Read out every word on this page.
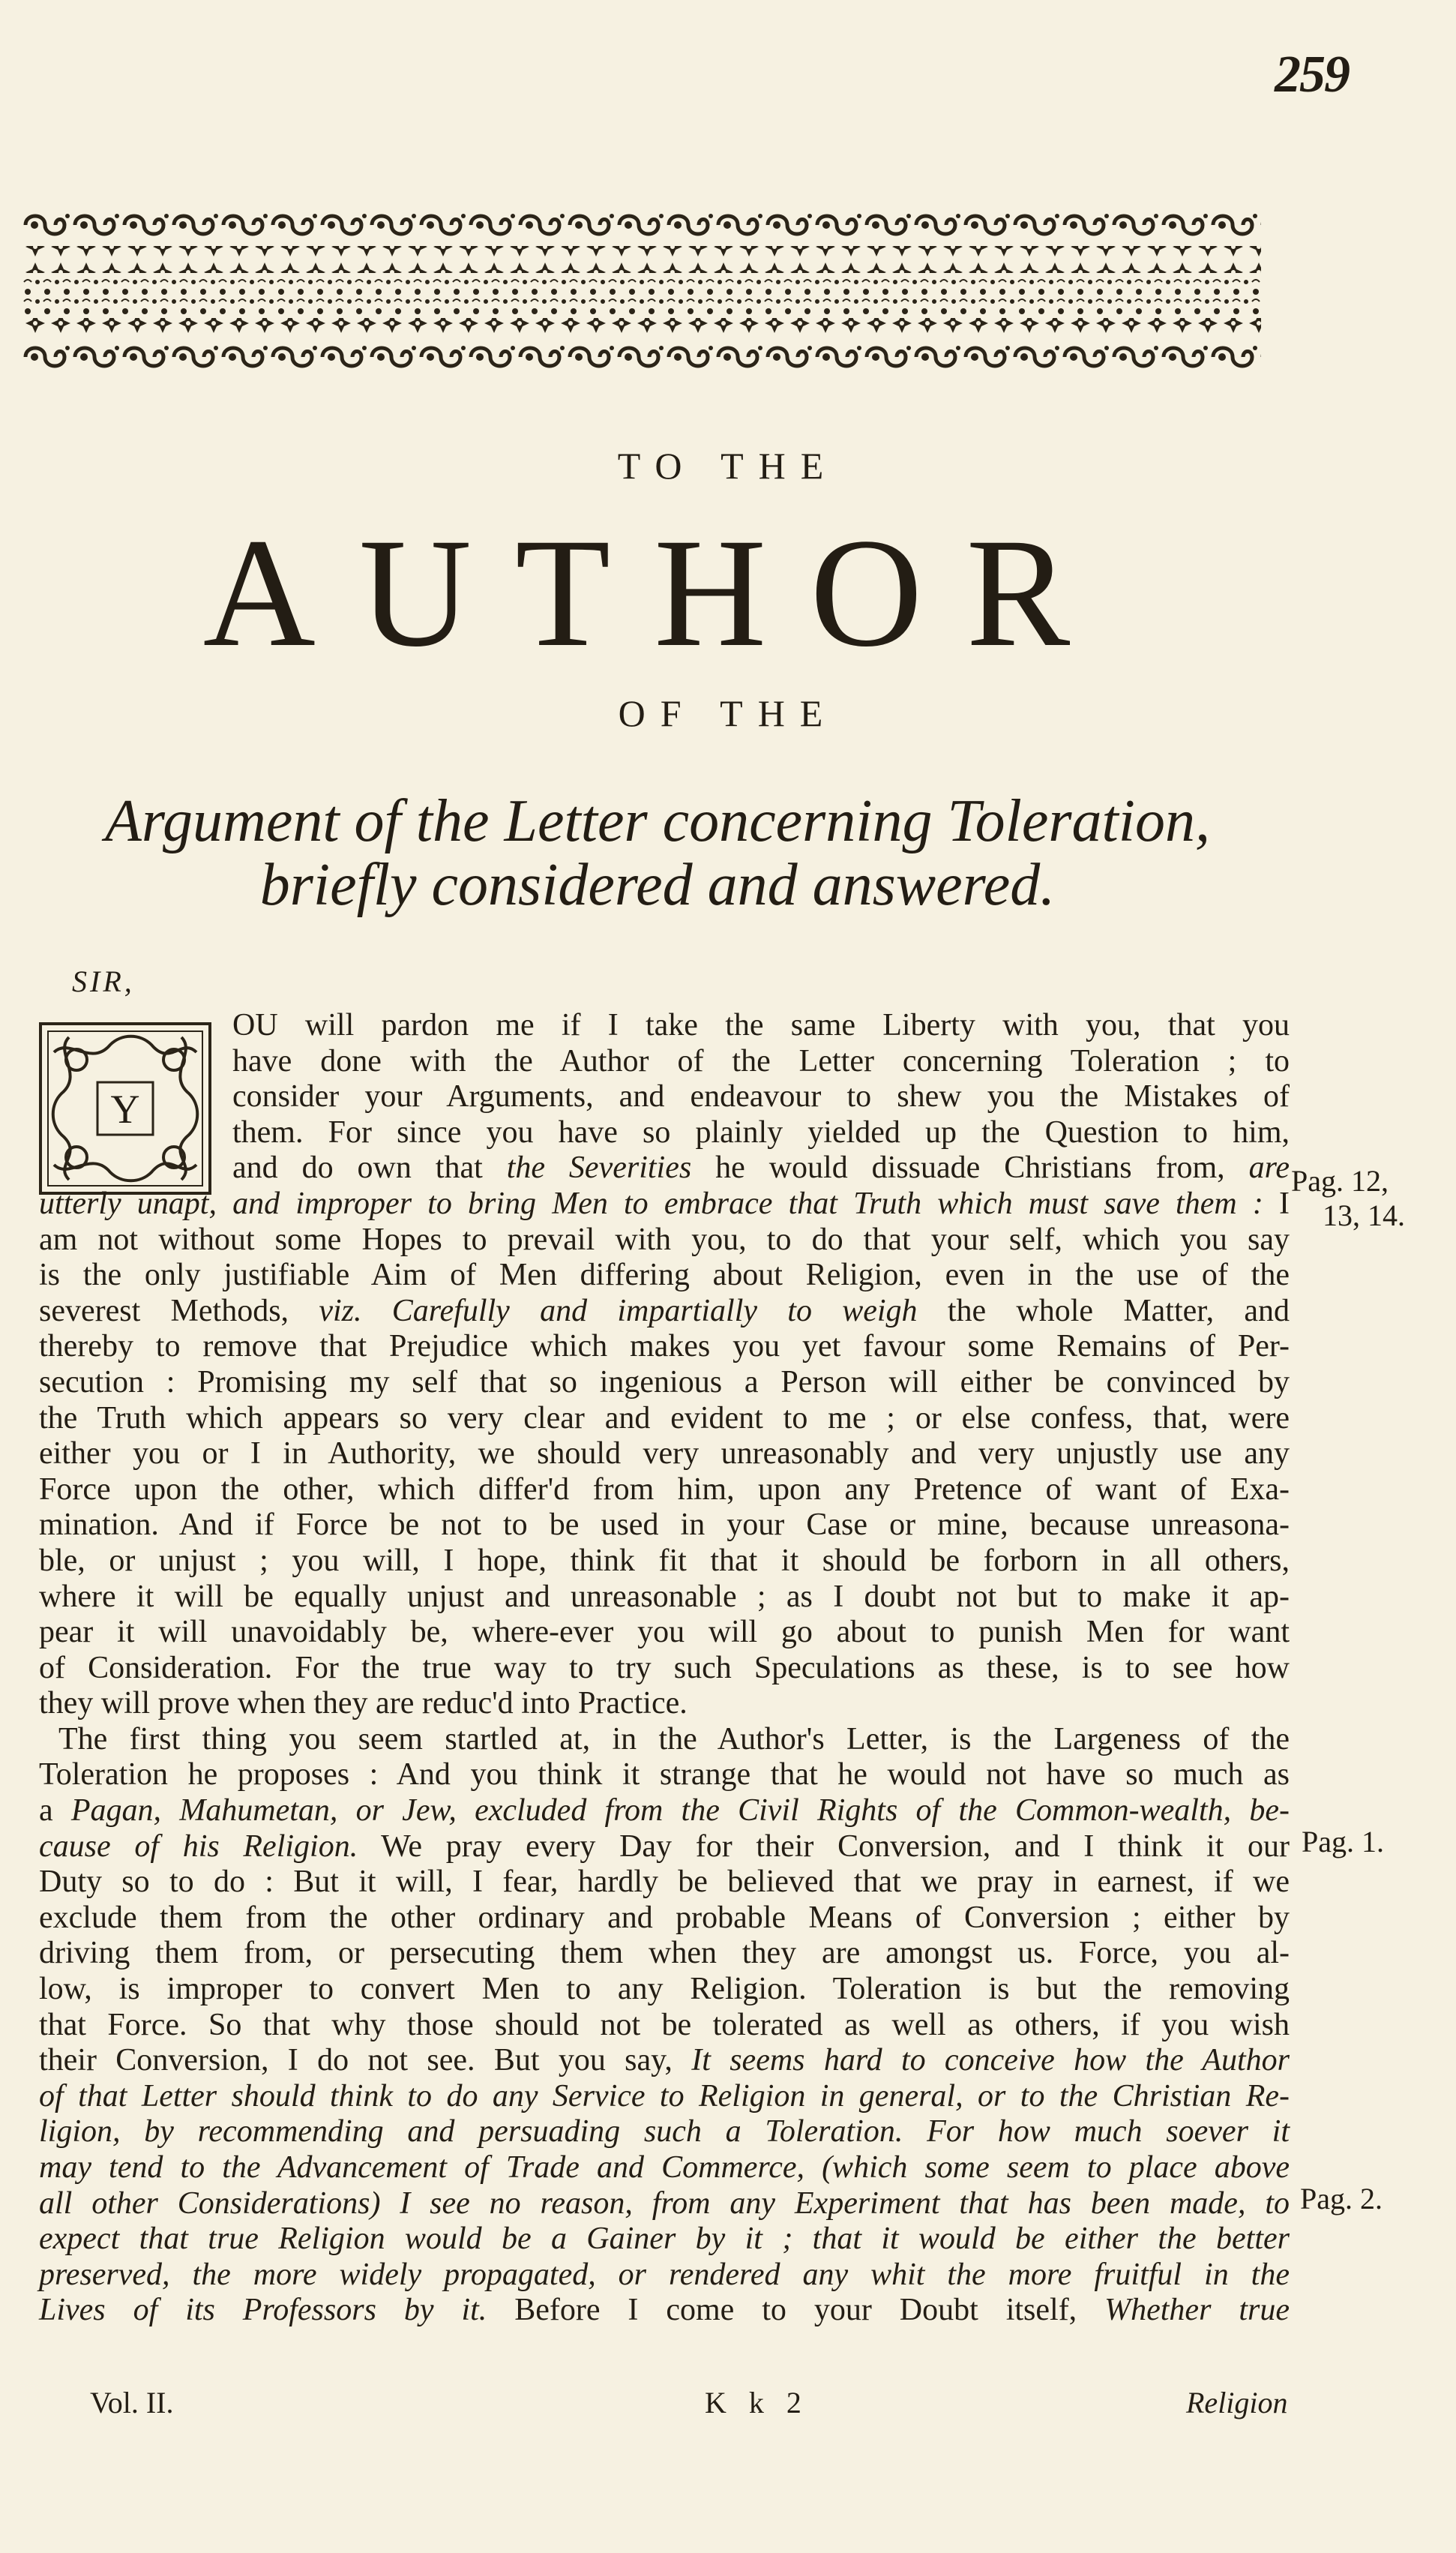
259
TO THE
AUTHOR
OF THE
Argument of the Letter concerning Toleration,
briefly considered and answered.
SIR,
Y
OU will pardon me if I take the same Liberty with you, that you
have done with the Author of the Letter concerning Toleration ; to
consider your Arguments, and endeavour to shew you the Mistakes of
them. For since you have so plainly yielded up the Question to him,
and do own that the Severities he would dissuade Christians from, are
utterly unapt, and improper to bring Men to embrace that Truth which must save them : I
am not without some Hopes to prevail with you, to do that your self, which you say
is the only justifiable Aim of Men differing about Religion, even in the use of the
severest Methods, viz. Carefully and impartially to weigh the whole Matter, and
thereby to remove that Prejudice which makes you yet favour some Remains of Per-
secution : Promising my self that so ingenious a Person will either be convinced by
the Truth which appears so very clear and evident to me ; or else confess, that, were
either you or I in Authority, we should very unreasonably and very unjustly use any
Force upon the other, which differ'd from him, upon any Pretence of want of Exa-
mination. And if Force be not to be used in your Case or mine, because unreasona-
ble, or unjust ; you will, I hope, think fit that it should be forborn in all others,
where it will be equally unjust and unreasonable ; as I doubt not but to make it ap-
pear it will unavoidably be, where-ever you will go about to punish Men for want
of Consideration. For the true way to try such Speculations as these, is to see how
they will prove when they are reduc'd into Practice.
The first thing you seem startled at, in the Author's Letter, is the Largeness of the
Toleration he proposes : And you think it strange that he would not have so much as
a Pagan, Mahumetan, or Jew, excluded from the Civil Rights of the Common-wealth, be-
cause of his Religion. We pray every Day for their Conversion, and I think it our
Duty so to do : But it will, I fear, hardly be believed that we pray in earnest, if we
exclude them from the other ordinary and probable Means of Conversion ; either by
driving them from, or persecuting them when they are amongst us. Force, you al-
low, is improper to convert Men to any Religion. Toleration is but the removing
that Force. So that why those should not be tolerated as well as others, if you wish
their Conversion, I do not see. But you say, It seems hard to conceive how the Author
of that Letter should think to do any Service to Religion in general, or to the Christian Re-
ligion, by recommending and persuading such a Toleration. For how much soever it
may tend to the Advancement of Trade and Commerce, (which some seem to place above
all other Considerations) I see no reason, from any Experiment that has been made, to
expect that true Religion would be a Gainer by it ; that it would be either the better
preserved, the more widely propagated, or rendered any whit the more fruitful in the
Lives of its Professors by it. Before I come to your Doubt itself, Whether true
Pag. 12,
13, 14.
Pag. 1.
Pag. 2.
Vol. II.	K k 2	Religion
